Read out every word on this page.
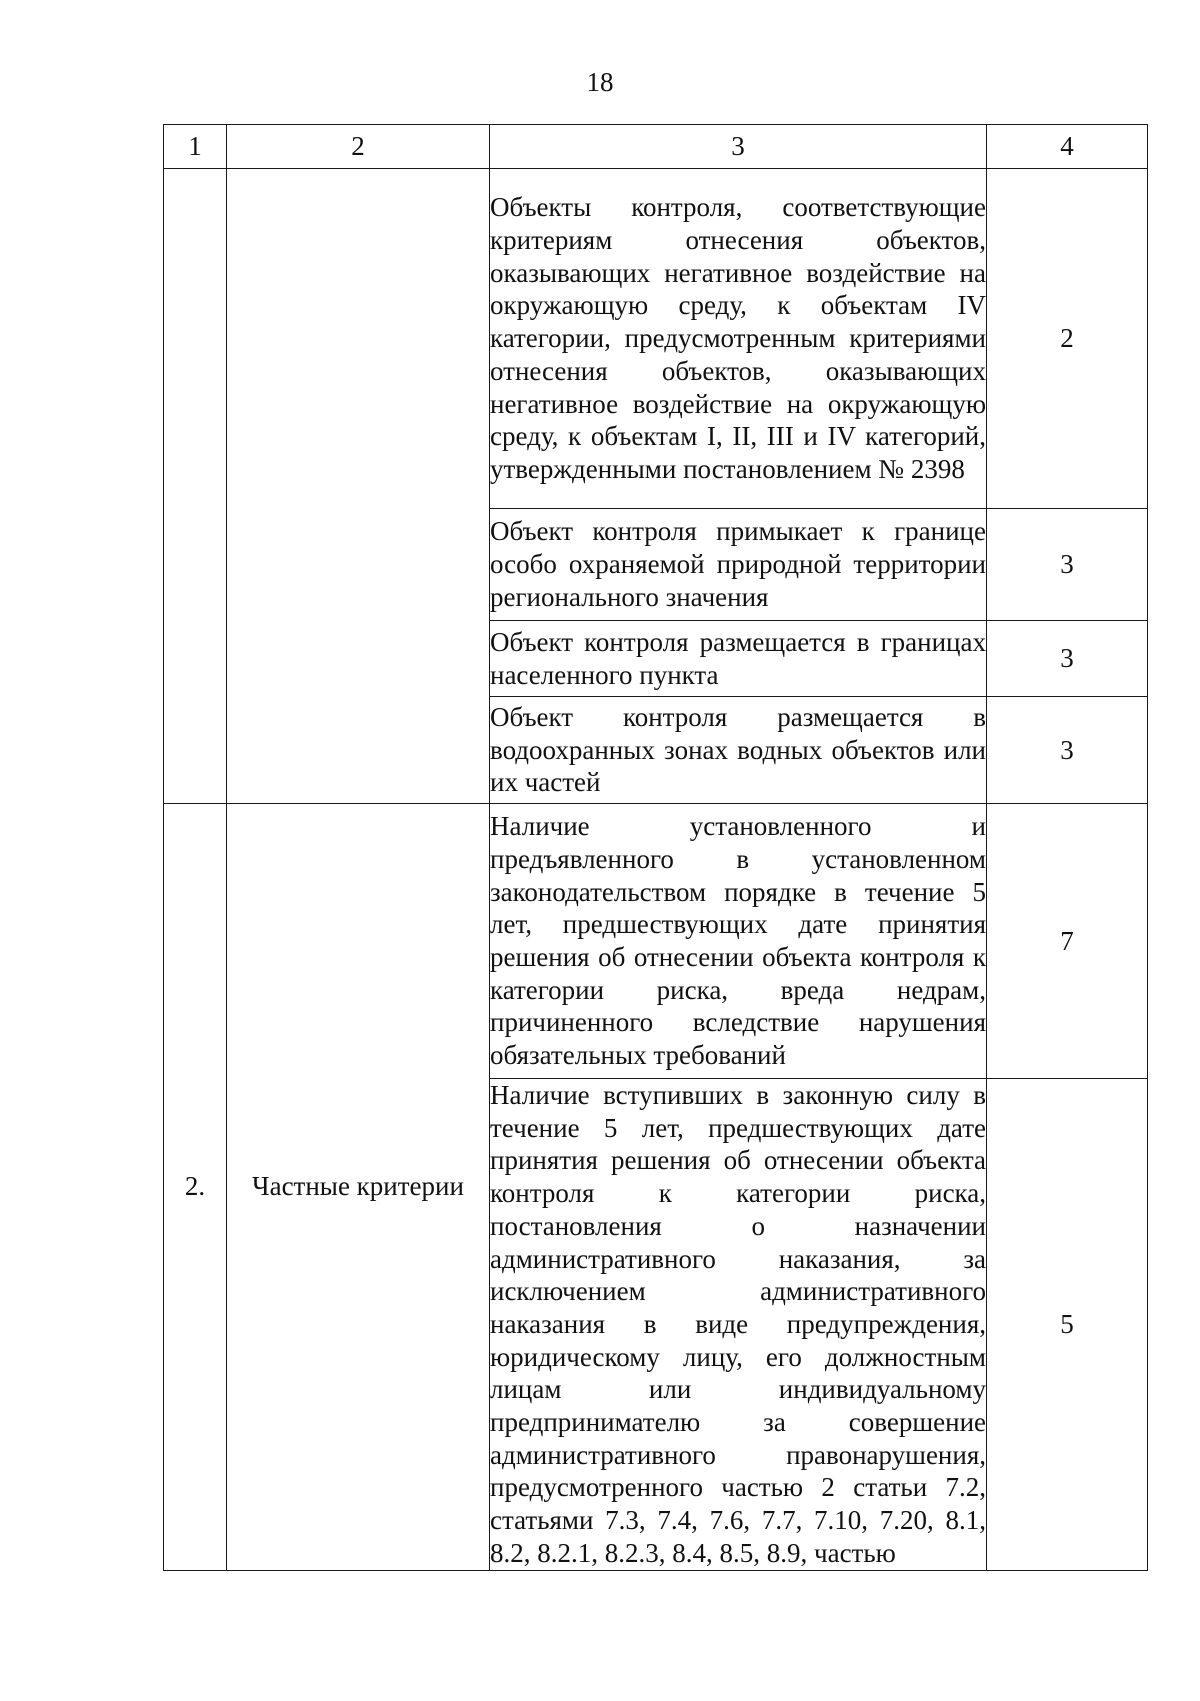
18
1	2	3	4
		Объекты контроля, соответствующие критериям отнесения объектов, оказывающих негативное воздействие на окружающую среду, к объектам IV категории, предусмотренным критериями отнесения объектов, оказывающих негативное воздействие на окружающую среду, к объектам I, II, III и IV категорий, утвержденными постановлением № 2398	2
		Объект контроля примыкает к границе особо охраняемой природной территории регионального значения	3
		Объект контроля размещается в границах населенного пункта	3
		Объект контроля размещается в водоохранных зонах водных объектов или их частей	3
2.	Частные критерии	Наличие установленного и предъявленного в установленном законодательством порядке в течение 5 лет, предшествующих дате принятия решения об отнесении объекта контроля к категории риска, вреда недрам, причиненного вследствие нарушения обязательных требований	7
		Наличие вступивших в законную силу в течение 5 лет, предшествующих дате принятия решения об отнесении объекта контроля к категории риска, постановления о назначении административного наказания, за исключением административного наказания в виде предупреждения, юридическому лицу, его должностным лицам или индивидуальному предпринимателю за совершение административного правонарушения, предусмотренного частью 2 статьи 7.2, статьями 7.3, 7.4, 7.6, 7.7, 7.10, 7.20, 8.1, 8.2, 8.2.1, 8.2.3, 8.4, 8.5, 8.9, частью	5
